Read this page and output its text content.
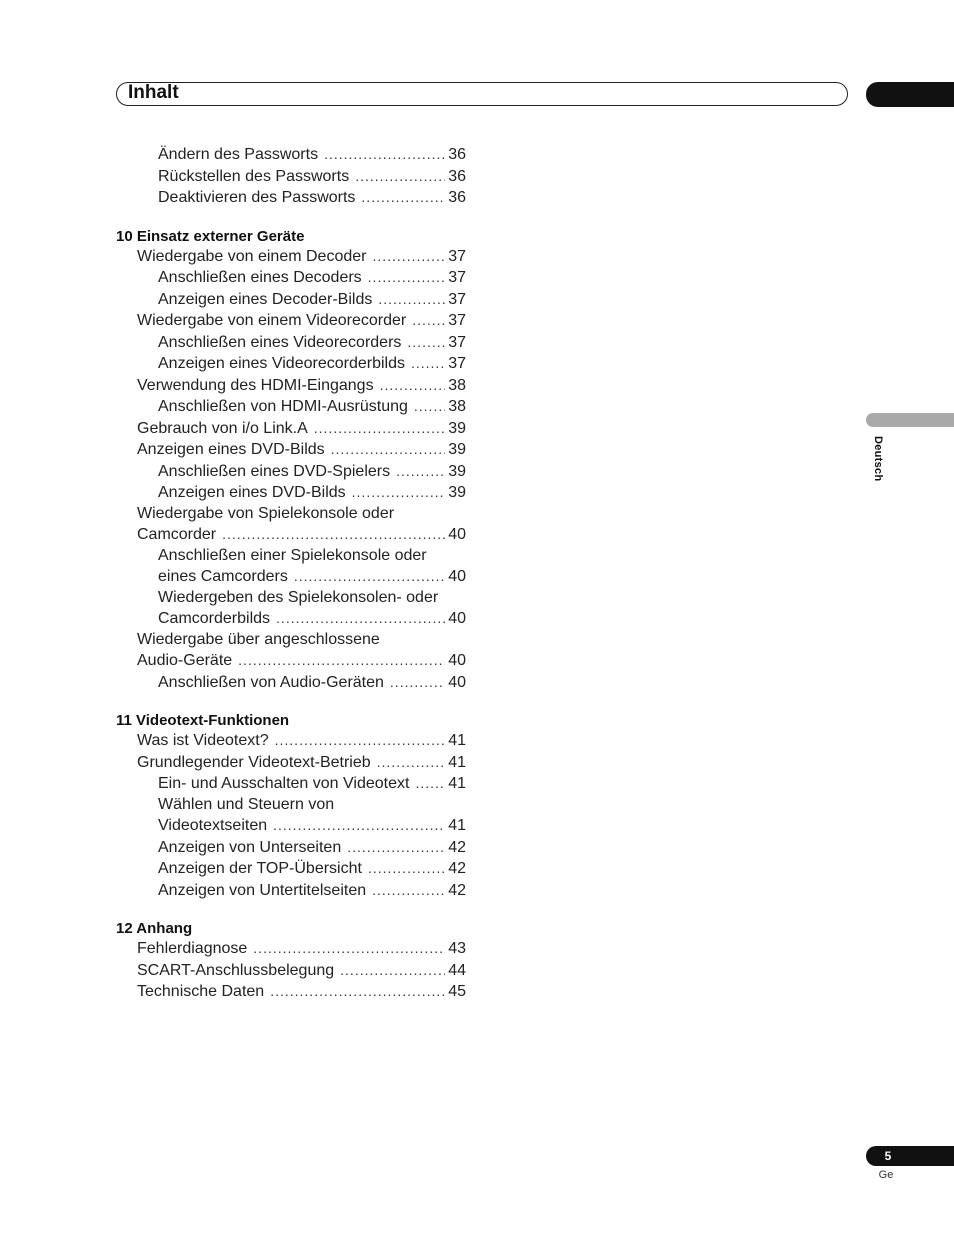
Inhalt
Deutsch
5
Ge
Ändern des Passworts .....	36
Rückstellen des Passworts .....	36
Deaktivieren des Passworts .....	36
10 Einsatz externer Geräte
Wiedergabe von einem Decoder .....	37
Anschließen eines Decoders .....	37
Anzeigen eines Decoder-Bilds .....	37
Wiedergabe von einem Videorecorder .....	37
Anschließen eines Videorecorders .....	37
Anzeigen eines Videorecorderbilds .....	37
Verwendung des HDMI-Eingangs .....	38
Anschließen von HDMI-Ausrüstung .....	38
Gebrauch von i/o Link.A .....	39
Anzeigen eines DVD-Bilds .....	39
Anschließen eines DVD-Spielers .....	39
Anzeigen eines DVD-Bilds .....	39
Wiedergabe von Spielekonsole oder
Camcorder .....	40
Anschließen einer Spielekonsole oder
eines Camcorders .....	40
Wiedergeben des Spielekonsolen- oder
Camcorderbilds .....	40
Wiedergabe über angeschlossene
Audio-Geräte .....	40
Anschließen von Audio-Geräten .....	40
11 Videotext-Funktionen
Was ist Videotext? .....	41
Grundlegender Videotext-Betrieb .....	41
Ein- und Ausschalten von Videotext ..... 41
Wählen und Steuern von
Videotextseiten .....	41
Anzeigen von Unterseiten .....	42
Anzeigen der TOP-Übersicht .....	42
Anzeigen von Untertitelseiten .....	42
12 Anhang
Fehlerdiagnose .....	43
SCART-Anschlussbelegung .....	44
Technische Daten .....	45
